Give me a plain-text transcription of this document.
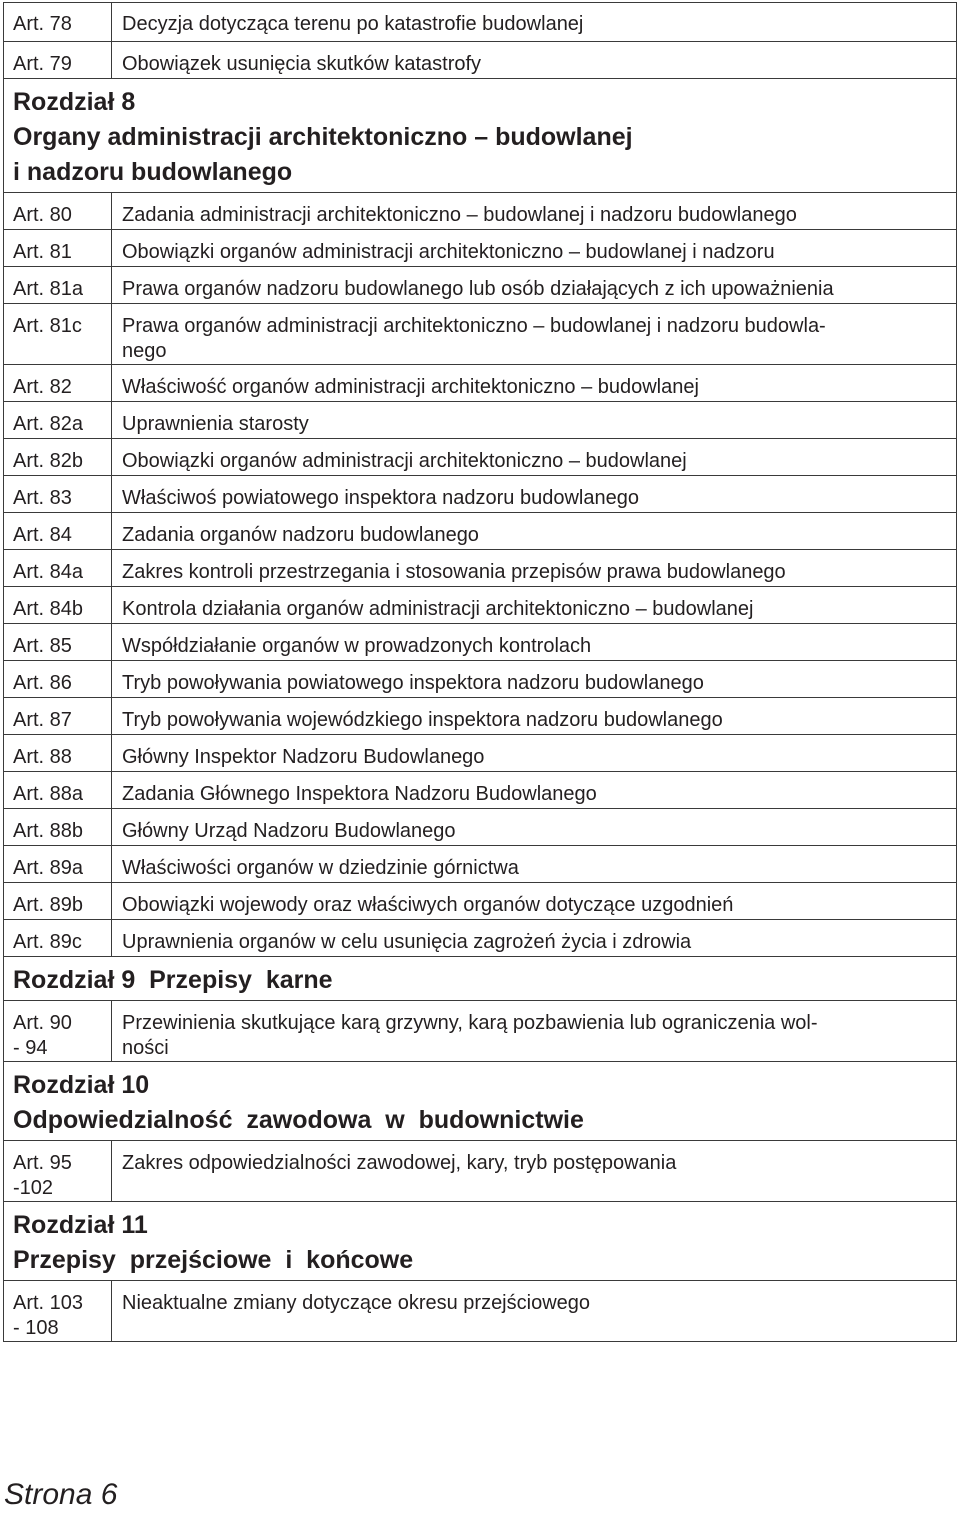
Art. 78	Decyzja dotycząca terenu po katastrofie budowlanej
Art. 79	Obowiązek usunięcia skutków katastrofy

Rozdział 8
Organy administracji architektoniczno – budowlanej
i nadzoru budowlanego	

Art. 80	Zadania administracji architektoniczno – budowlanej i nadzoru budowlanego
Art. 81	Obowiązki organów administracji architektoniczno – budowlanej i nadzoru
Art. 81a	Prawa organów nadzoru budowlanego lub osób działających z ich upoważnienia
Art. 81c	Prawa organów administracji architektoniczno – budowlanej i nadzoru budowla-
nego
Art. 82	Właściwość organów administracji architektoniczno – budowlanej
Art. 82a	Uprawnienia starosty
Art. 82b	Obowiązki organów administracji architektoniczno – budowlanej
Art. 83	Właściwoś powiatowego inspektora nadzoru budowlanego
Art. 84	Zadania organów nadzoru budowlanego
Art. 84a	Zakres kontroli przestrzegania i stosowania przepisów prawa budowlanego
Art. 84b	Kontrola działania organów administracji architektoniczno – budowlanej
Art. 85	Współdziałanie organów w prowadzonych kontrolach
Art. 86	Tryb powoływania powiatowego inspektora nadzoru budowlanego
Art. 87	Tryb powoływania wojewódzkiego inspektora nadzoru budowlanego
Art. 88	Główny Inspektor Nadzoru Budowlanego
Art. 88a	Zadania Głównego Inspektora Nadzoru Budowlanego
Art. 88b	Główny Urząd Nadzoru Budowlanego
Art. 89a	Właściwości organów w dziedzinie górnictwa
Art. 89b	Obowiązki wojewody oraz właściwych organów dotyczące uzgodnień
Art. 89c	Uprawnienia organów w celu usunięcia zagrożeń życia i zdrowia

Rozdział 9  Przepisy  karne	

Art. 90
- 94	Przewinienia skutkujące karą grzywny, karą pozbawienia lub ograniczenia wol-
ności

Rozdział 10
Odpowiedzialność  zawodowa  w  budownictwie	

Art. 95
-102	Zakres odpowiedzialności zawodowej, kary, tryb postępowania

Rozdział 11
Przepisy  przejściowe  i  końcowe	

Art. 103
- 108	Nieaktualne zmiany dotyczące okresu przejściowego
Strona 6
